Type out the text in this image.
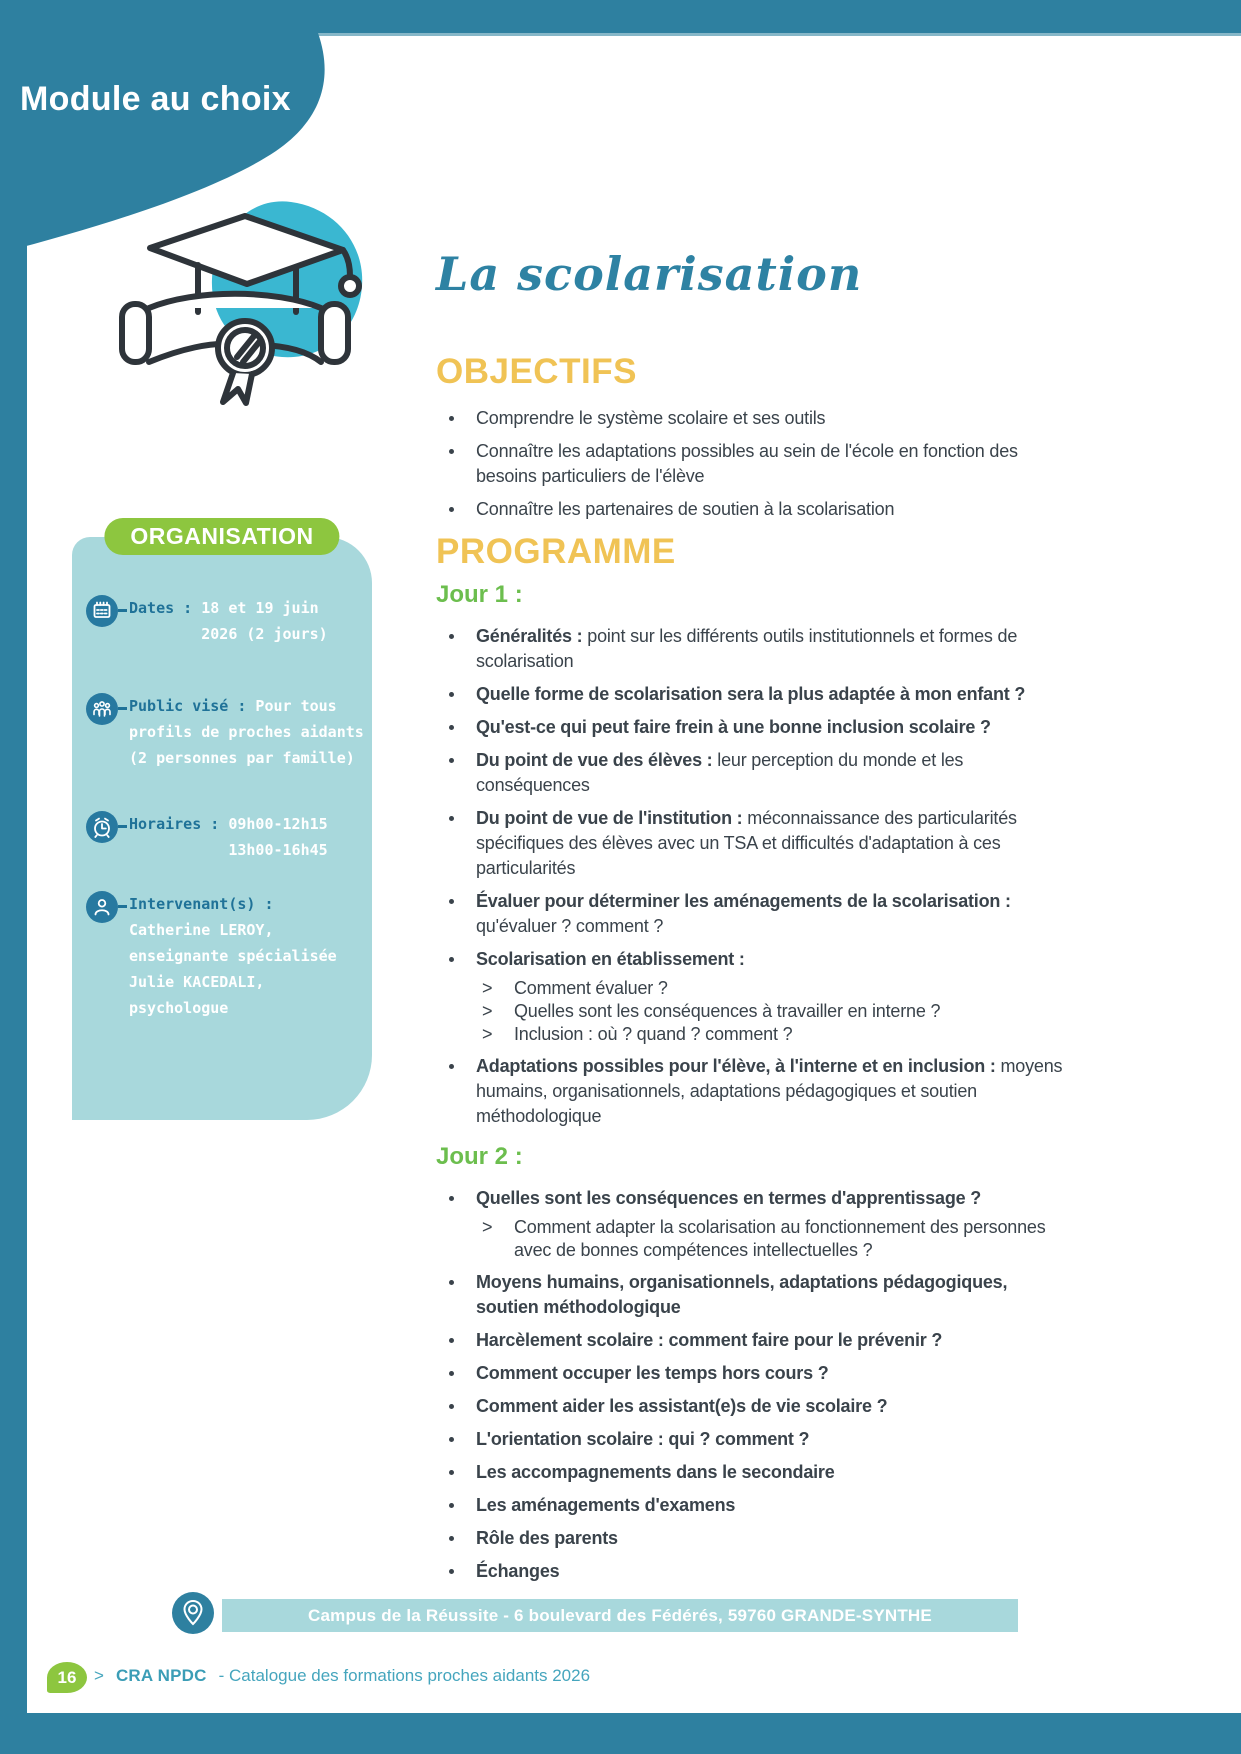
Module au choix
ORGANISATION
Dates : 18 et 19 juin
2026 (2 jours)
Public visé : Pour tous
profils de proches aidants
(2 personnes par famille)
Horaires : 09h00-12h15
13h00-16h45
Intervenant(s) :
Catherine LEROY,
enseignante spécialisée
Julie KACEDALI,
psychologue
La scolarisation
OBJECTIFS
Comprendre le système scolaire et ses outils
Connaître les adaptations possibles au sein de l'école en fonction des besoins particuliers de l'élève
Connaître les partenaires de soutien à la scolarisation
PROGRAMME
Jour 1 :
Généralités : point sur les différents outils institutionnels et formes de scolarisation
Quelle forme de scolarisation sera la plus adaptée à mon enfant ?
Qu'est-ce qui peut faire frein à une bonne inclusion scolaire ?
Du point de vue des élèves : leur perception du monde et les conséquences
Du point de vue de l'institution : méconnaissance des particularités spécifiques des élèves avec un TSA et difficultés d'adaptation à ces particularités
Évaluer pour déterminer les aménagements de la scolarisation : qu'évaluer ? comment ?
Scolarisation en établissement :
>	Comment évaluer ?
>	Quelles sont les conséquences à travailler en interne ?
>	Inclusion : où ? quand ? comment ?
Adaptations possibles pour l'élève, à l'interne et en inclusion : moyens humains, organisationnels, adaptations pédagogiques et soutien méthodologique
Jour 2 :
Quelles sont les conséquences en termes d'apprentissage ?
>	Comment adapter la scolarisation au fonctionnement des personnes avec de bonnes compétences intellectuelles ?
Moyens humains, organisationnels, adaptations pédagogiques, soutien méthodologique
Harcèlement scolaire : comment faire pour le prévenir ?
Comment occuper les temps hors cours ?
Comment aider les assistant(e)s de vie scolaire ?
L'orientation scolaire : qui ? comment ?
Les accompagnements dans le secondaire
Les aménagements d'examens
Rôle des parents
Échanges
Campus de la Réussite - 6 boulevard des Fédérés, 59760 GRANDE-SYNTHE
16	> CRA NPDC - Catalogue des formations proches aidants 2026
